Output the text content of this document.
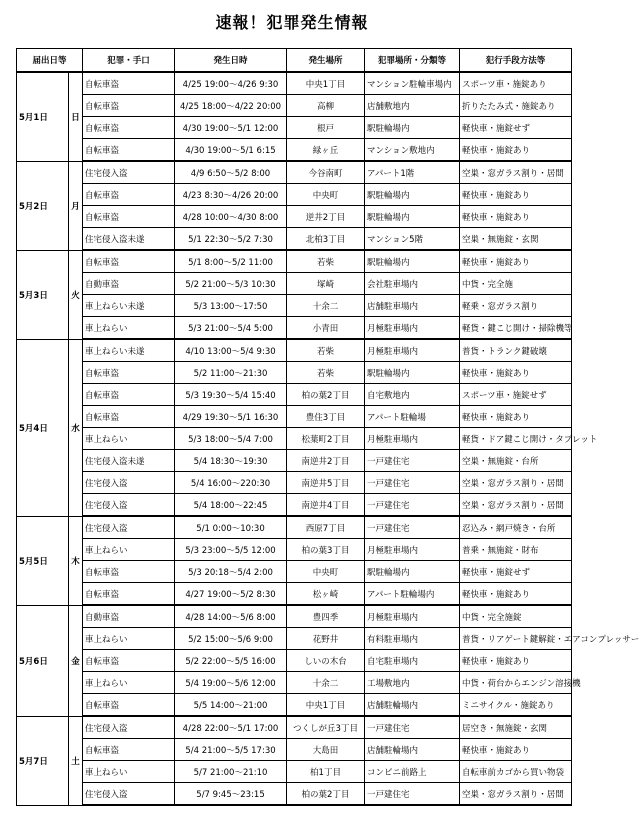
速報！犯罪発生情報
届出日等		犯罪・手口	発生日時	発生場所	犯罪場所・分類等	犯行手段方法等
5月1日	日	自転車盗	4/25 19:00〜4/26 9:30	中央1丁目	マンション駐輪車場内	スポーツ車・施錠あり
		自転車盗	4/25 18:00〜4/22 20:00	高柳	店舗敷地内	折りたたみ式・施錠あり
		自転車盗	4/30 19:00〜5/1 12:00	根戸	駅駐輪場内	軽快車・施錠せず
		自転車盗	4/30 19:00〜5/1 6:15	緑ヶ丘	マンション敷地内	軽快車・施錠あり
5月2日	月	住宅侵入盗	4/9 6:50〜5/2 8:00	今谷南町	アパート1階	空巣・窓ガラス割り・居間
		自転車盗	4/23 8:30〜4/26 20:00	中央町	駅駐輪場内	軽快車・施錠あり
		自転車盗	4/28 10:00〜4/30 8:00	逆井2丁目	駅駐輪場内	軽快車・施錠あり
		住宅侵入盗未遂	5/1 22:30〜5/2 7:30	北柏3丁目	マンション5階	空巣・無施錠・玄関
5月3日	火	自転車盗	5/1 8:00〜5/2 11:00	若柴	駅駐輪場内	軽快車・施錠あり
		自動車盗	5/2 21:00〜5/3 10:30	塚崎	会社駐車場内	中貨・完全施
		車上ねらい未遂	5/3 13:00〜17:50	十余二	店舗駐車場内	軽乗・窓ガラス割り
		車上ねらい	5/3 21:00〜5/4 5:00	小青田	月極駐車場内	軽貨・鍵こじ開け・掃除機等
5月4日	水	車上ねらい未遂	4/10 13:00〜5/4 9:30	若柴	月極駐車場内	普貨・トランク鍵破壊
		自転車盗	5/2 11:00〜21:30	若柴	駅駐輪場内	軽快車・施錠あり
		自転車盗	5/3 19:30〜5/4 15:40	柏の葉2丁目	自宅敷地内	スポーツ車・施錠せず
		自転車盗	4/29 19:30〜5/1 16:30	豊住3丁目	アパート駐輪場	軽快車・施錠あり
		車上ねらい	5/3 18:00〜5/4 7:00	松葉町2丁目	月極駐車場内	軽貨・ドア鍵こじ開け・タブレット
		住宅侵入盗未遂	5/4 18:30〜19:30	南逆井2丁目	一戸建住宅	空巣・無施錠・台所
		住宅侵入盗	5/4 16:00〜220:30	南逆井5丁目	一戸建住宅	空巣・窓ガラス割り・居間
		住宅侵入盗	5/4 18:00〜22:45	南逆井4丁目	一戸建住宅	空巣・窓ガラス割り・居間
5月5日	木	住宅侵入盗	5/1 0:00〜10:30	西原7丁目	一戸建住宅	忍込み・網戸焼き・台所
		車上ねらい	5/3 23:00〜5/5 12:00	柏の葉3丁目	月極駐車場内	普乗・無施錠・財布
		自転車盗	5/3 20:18〜5/4 2:00	中央町	駅駐輪場内	軽快車・施錠せず
		自転車盗	4/27 19:00〜5/2 8:30	松ヶ崎	アパート駐輪場内	軽快車・施錠あり
5月6日	金	自動車盗	4/28 14:00〜5/6 8:00	豊四季	月極駐車場内	中貨・完全施錠
		車上ねらい	5/2 15:00〜5/6 9:00	花野井	有料駐車場内	普貨・リアゲート鍵解錠・エアコンプレッサー
		自転車盗	5/2 22:00〜5/5 16:00	しいの木台	自宅駐車場内	軽快車・施錠あり
		車上ねらい	5/4 19:00〜5/6 12:00	十余二	工場敷地内	中貨・荷台からエンジン溶接機
		自転車盗	5/5 14:00〜21:00	中央1丁目	店舗駐輪場内	ミニサイクル・施錠あり
5月7日	土	住宅侵入盗	4/28 22:00〜5/1 17:00	つくしが丘3丁目	一戸建住宅	居空き・無施錠・玄関
		自転車盗	5/4 21:00〜5/5 17:30	大島田	店舗駐輪場内	軽快車・施錠あり
		車上ねらい	5/7 21:00〜21:10	柏1丁目	コンビニ前路上	自転車前カゴから買い物袋
		住宅侵入盗	5/7 9:45〜23:15	柏の葉2丁目	一戸建住宅	空巣・窓ガラス割り・居間
